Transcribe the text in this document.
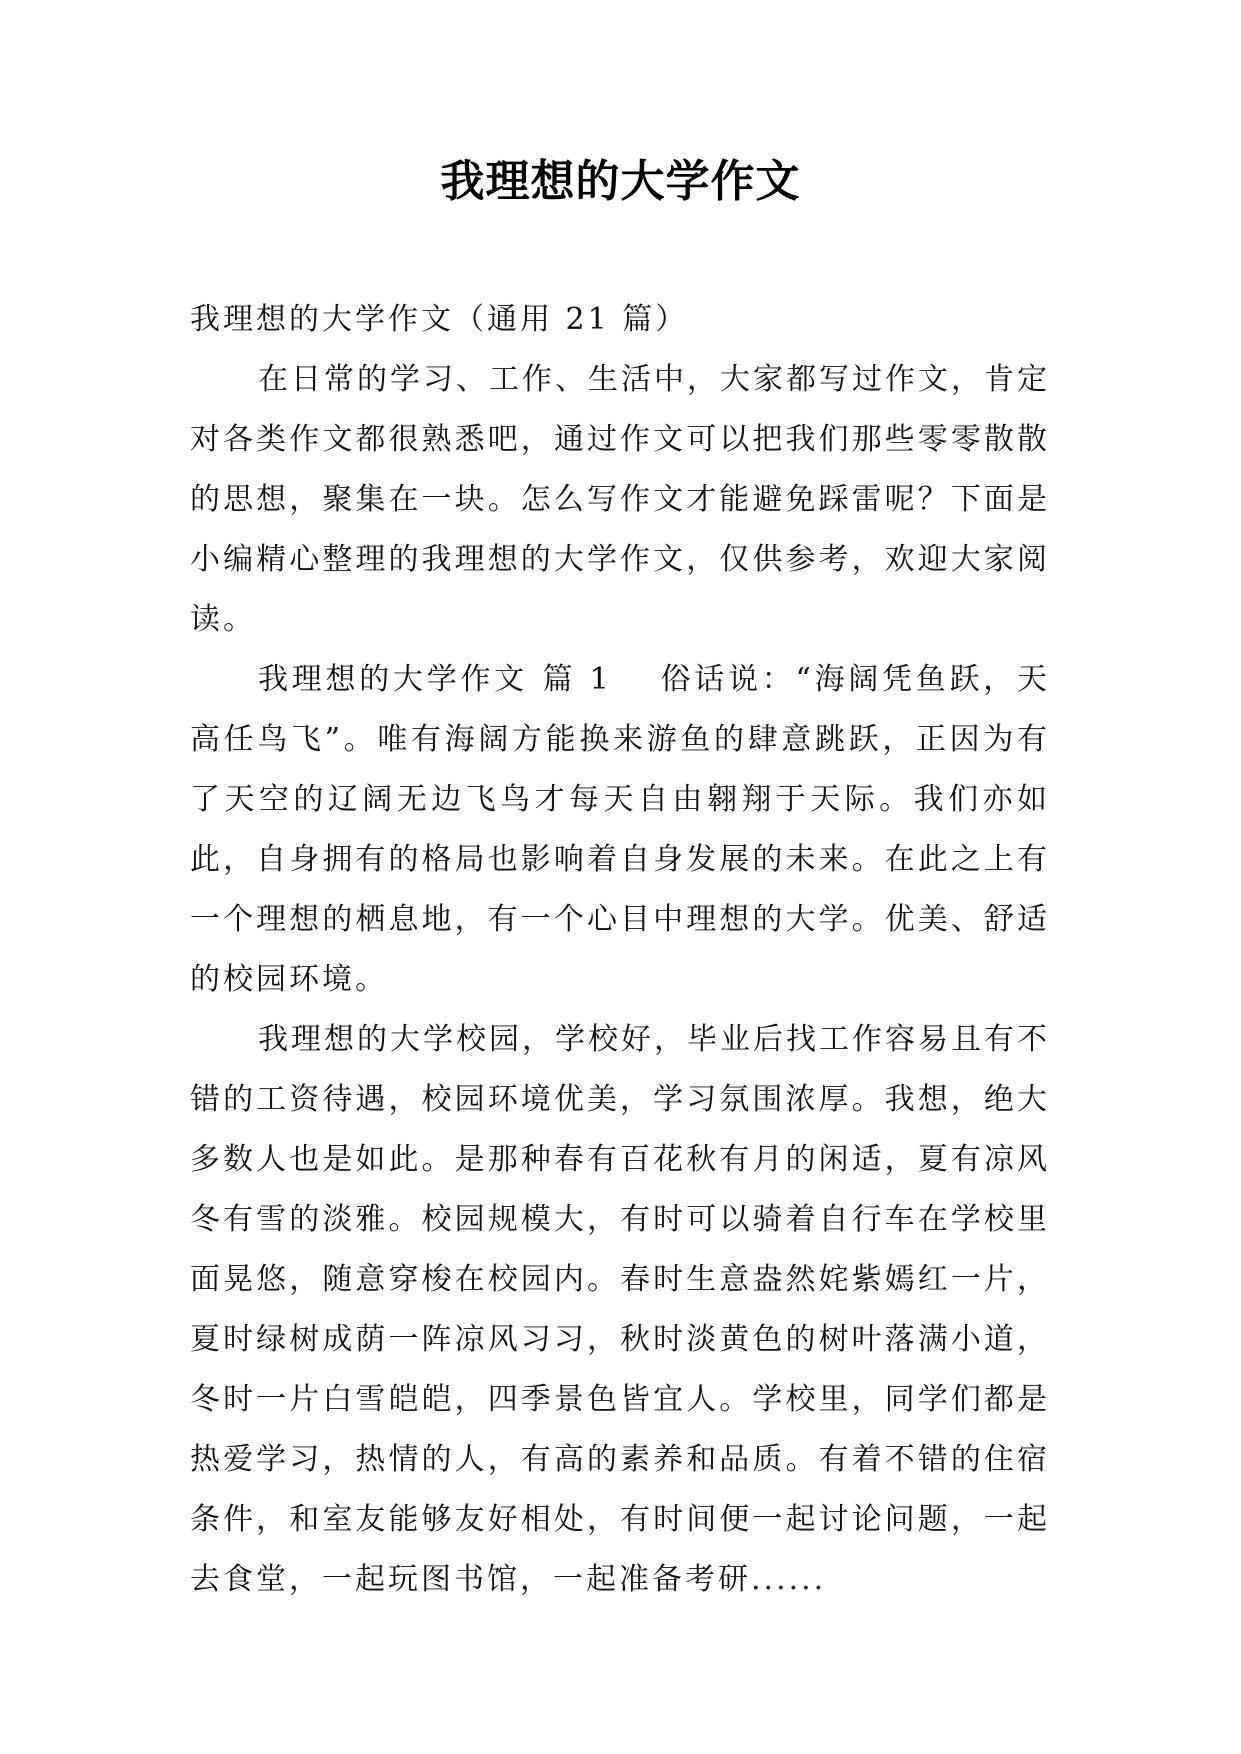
我理想的大学作文

我理想的大学作文（通用 21 篇）

在日常的学习、工作、生活中，大家都写过作文，肯定对各类作文都很熟悉吧，通过作文可以把我们那些零零散散的思想，聚集在一块。怎么写作文才能避免踩雷呢？下面是小编精心整理的我理想的大学作文，仅供参考，欢迎大家阅读。

我理想的大学作文 篇 1 俗话说：“海阔凭鱼跃，天高任鸟飞”。唯有海阔方能换来游鱼的肆意跳跃，正因为有了天空的辽阔无边飞鸟才每天自由翱翔于天际。我们亦如此，自身拥有的格局也影响着自身发展的未来。在此之上有一个理想的栖息地，有一个心目中理想的大学。优美、舒适的校园环境。

我理想的大学校园，学校好，毕业后找工作容易且有不错的工资待遇，校园环境优美，学习氛围浓厚。我想，绝大多数人也是如此。是那种春有百花秋有月的闲适，夏有凉风冬有雪的淡雅。校园规模大，有时可以骑着自行车在学校里面晃悠，随意穿梭在校园内。春时生意盎然姹紫嫣红一片，夏时绿树成荫一阵凉风习习，秋时淡黄色的树叶落满小道，冬时一片白雪皑皑，四季景色皆宜人。学校里，同学们都是热爱学习，热情的人，有高的素养和品质。有着不错的住宿条件，和室友能够友好相处，有时间便一起讨论问题，一起去食堂，一起玩图书馆，一起准备考研......
